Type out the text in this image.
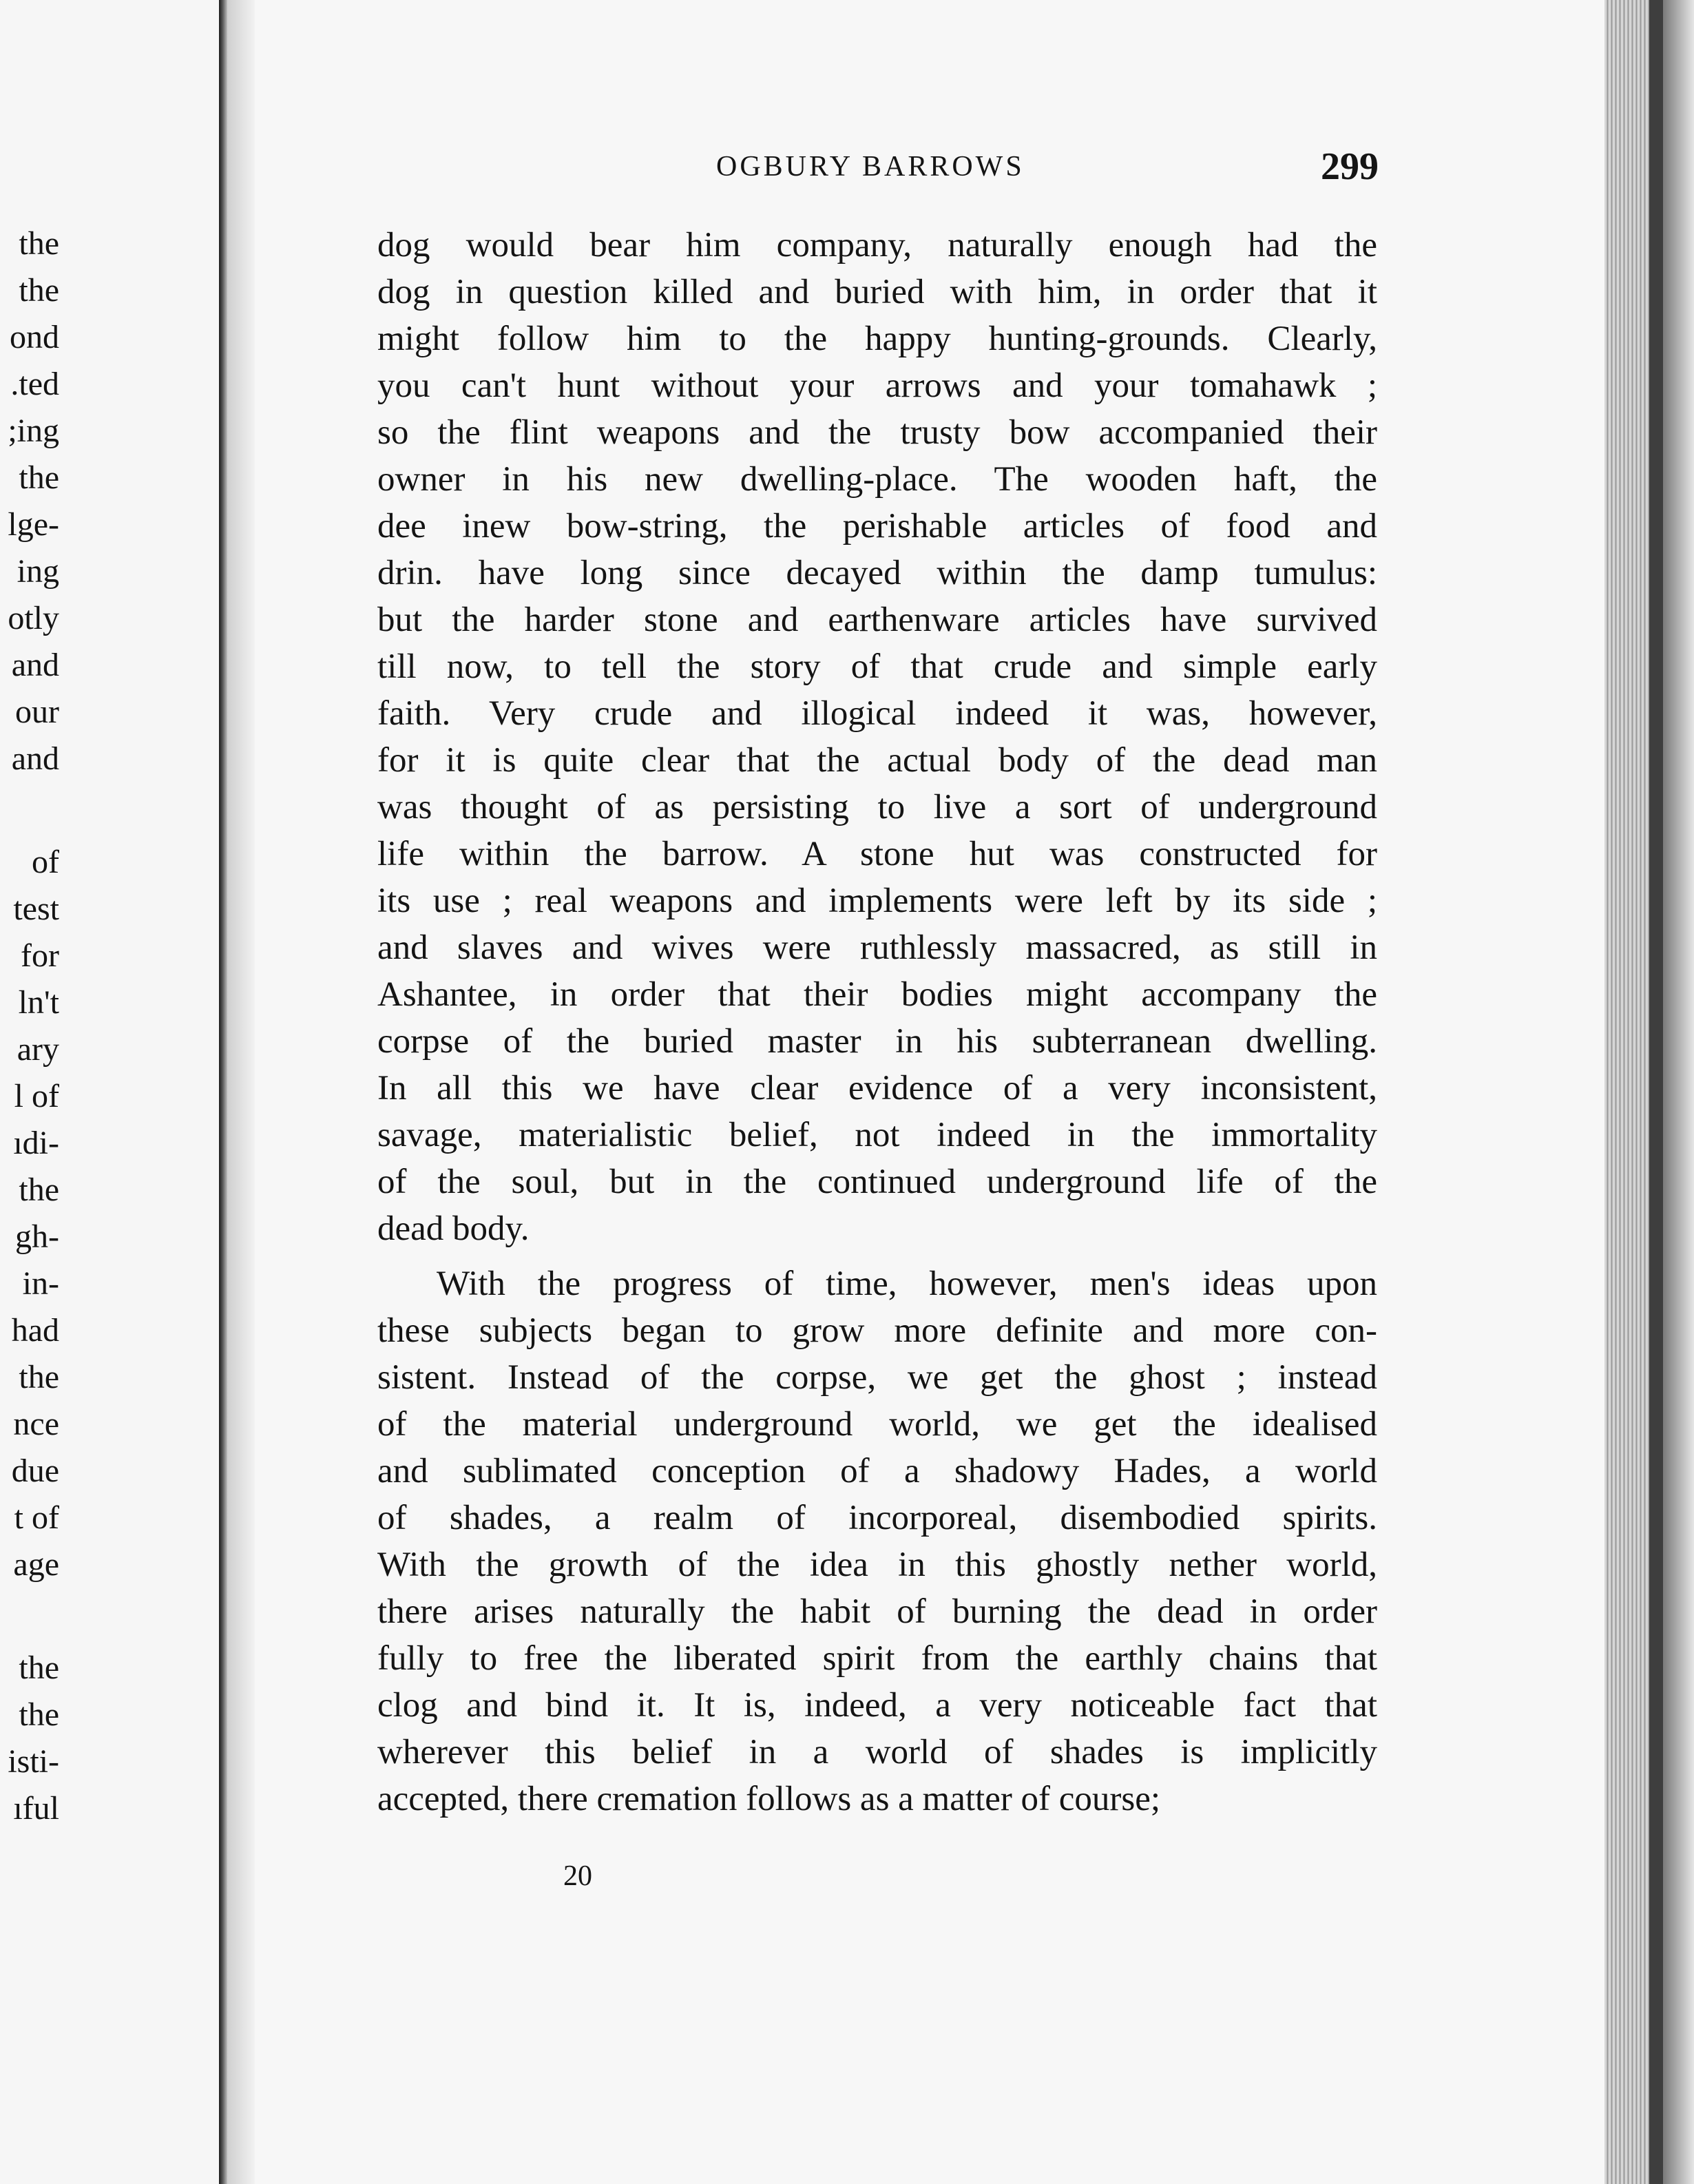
the
the
ond
.ted
;ing
the
lge-
ing
otly
and
our
and
of
test
for
ln't
ary
l of
ıdi-
the
gh-
in-
had
the
nce
due
t of
age
the
the
isti-
ıful
OGBURY BARROWS	299
dog would bear him company, naturally enough had the
dog in question killed and buried with him, in order that it
might follow him to the happy hunting-grounds. Clearly,
you can't hunt without your arrows and your tomahawk ;
so the flint weapons and the trusty bow accompanied their
owner in his new dwelling-place. The wooden haft, the
dee inew bow-string, the perishable articles of food and
drin. have long since decayed within the damp tumulus:
but the harder stone and earthenware articles have survived
till now, to tell the story of that crude and simple early
faith. Very crude and illogical indeed it was, however,
for it is quite clear that the actual body of the dead man
was thought of as persisting to live a sort of underground
life within the barrow. A stone hut was constructed for
its use ; real weapons and implements were left by its side ;
and slaves and wives were ruthlessly massacred, as still in
Ashantee, in order that their bodies might accompany the
corpse of the buried master in his subterranean dwelling.
In all this we have clear evidence of a very inconsistent,
savage, materialistic belief, not indeed in the immortality
of the soul, but in the continued underground life of the
dead body.
With the progress of time, however, men's ideas upon
these subjects began to grow more definite and more con-
sistent. Instead of the corpse, we get the ghost ; instead
of the material underground world, we get the idealised
and sublimated conception of a shadowy Hades, a world
of shades, a realm of incorporeal, disembodied spirits.
With the growth of the idea in this ghostly nether world,
there arises naturally the habit of burning the dead in order
fully to free the liberated spirit from the earthly chains that
clog and bind it. It is, indeed, a very noticeable fact that
wherever this belief in a world of shades is implicitly
accepted, there cremation follows as a matter of course;
20
